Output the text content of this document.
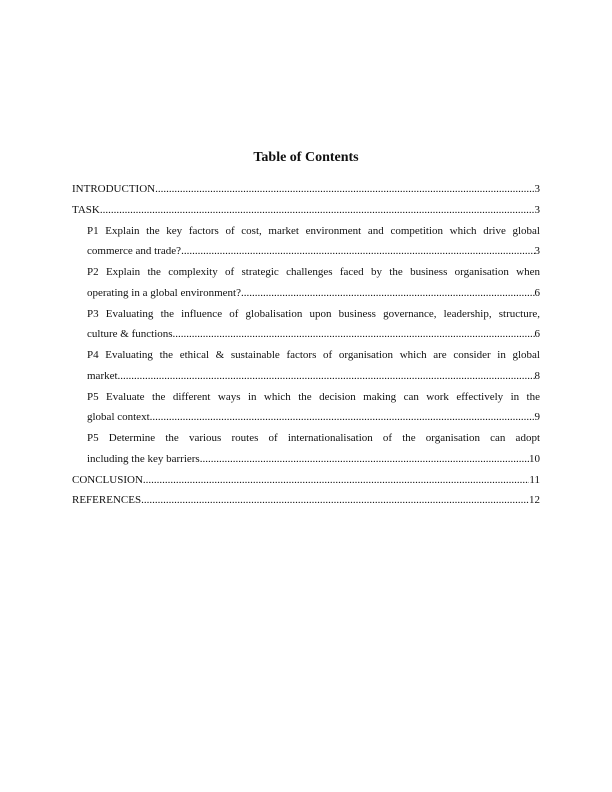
Table of Contents
INTRODUCTION .....	3
TASK .....	3
P1 Explain the key factors of cost, market environment and competition which drive global
commerce and trade? .....	3
P2 Explain the complexity of strategic challenges faced by the business organisation when
operating in a global environment? .....	6
P3 Evaluating the influence of globalisation upon business governance, leadership, structure,
culture & functions .....	6
P4 Evaluating the ethical & sustainable factors of organisation which are consider in global
market .....	8
P5 Evaluate the different ways in which the decision making can work effectively in the
global context .....	9
P5 Determine the various routes of internationalisation of the organisation can adopt
including the key barriers. .....	10
CONCLUSION .....	11
REFERENCES .....	12
